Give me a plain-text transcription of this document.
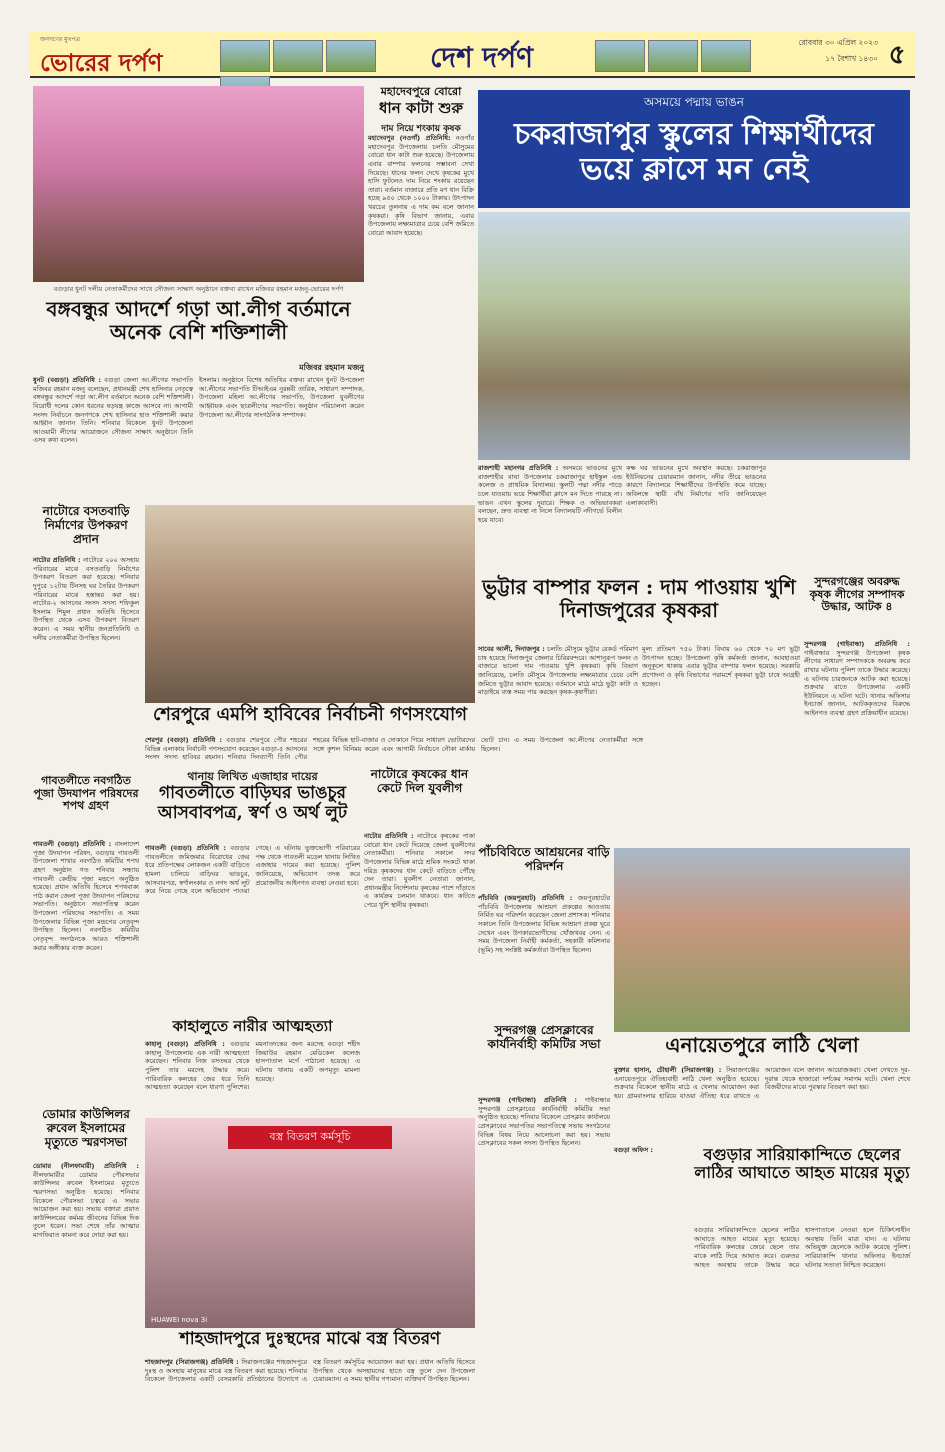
জনগণের মুখপত্র
ভোরের দর্পণ	দেশ দর্পণ	রোববার ৩০ এপ্রিল ২০২৩
১৭ বৈশাখ ১৪৩০ ৫
বগুড়ার ধুনট দলীয় নেতাকর্মীদের সাথে সৌজন্য সাক্ষাৎ অনুষ্ঠানে বক্তব্য রাখেন মজিবর রহমান মজনু-ভোরের দর্পণ
বঙ্গবন্ধুর আদর্শে গড়া আ.লীগ বর্তমানে অনেক বেশি শক্তিশালী
মজিবর রহমান মজনু

ধুনট (বগুড়া) প্রতিনিধি : বগুড়া জেলা আ.লীগের সভাপতি মজিবর রহমান মজনু বলেছেন, প্রধানমন্ত্রী শেখ হাসিনার নেতৃত্বে বঙ্গবন্ধুর আদর্শে গড়া আ.লীগ বর্তমানে অনেক বেশি শক্তিশালী। বিরোধী দলের কোন ধরনের ষড়যন্ত্র কাজে আসবে না। আগামী সংসদ নির্বাচনে জনগণকে শেখ হাসিনার হাত শক্তিশালী করার আহ্বান জানান তিনি। শনিবার বিকেলে ধুনট উপজেলা আওয়ামী লীগের আয়োজনে সৌজন্য সাক্ষাৎ অনুষ্ঠানে তিনি এসব কথা বলেন।

ইসলাম। অনুষ্ঠানে বিশেষ অতিথির বক্তব্য রাখেন ধুনট উপজেলা আ.লীগের সভাপতি টিআইএম নুরন্নবী তারিক, সাধারণ সম্পাদক, উপজেলা মহিলা আ.লীগের সভাপতি, উপজেলা যুবলীগের আহ্বায়ক এবং ছাত্রলীগের সভাপতি। অনুষ্ঠান পরিচালনা করেন উপজেলা আ.লীগের সাংগঠনিক সম্পাদক।

মহাদেবপুরে বোরো
ধান কাটা শুরু
দাম নিয়ে শংকায় কৃষক

মহাদেবপুর (নওগাঁ) প্রতিনিধি: নওগাঁর মহাদেবপুর উপজেলায় চলতি মৌসুমের বোরো ধান কাটা শুরু হয়েছে। উপজেলায় এবার বাম্পার ফলনের সম্ভাবনা দেখা দিয়েছে। ধানের ফলন দেখে কৃষকের মুখে হাসি ফুটলেও দাম নিয়ে শংকায় রয়েছেন তারা। বর্তমান বাজারে প্রতি মণ ধান বিক্রি হচ্ছে ৯৫০ থেকে ১০০০ টাকায়। উৎপাদন খরচের তুলনায় এ দাম কম বলে জানান কৃষকরা। কৃষি বিভাগ জানায়, এবার উপজেলায় লক্ষ্যমাত্রার চেয়ে বেশি জমিতে বোরো আবাদ হয়েছে।

অসময়ে পদ্মায় ভাঙন
চকরাজাপুর স্কুলের শিক্ষার্থীদের ভয়ে ক্লাসে মন নেই

রাজশাহী মহানগর প্রতিনিধি : অসময়ে ভাঙনের মুখে রাজশাহীর বাঘা উপজেলার চকরাজাপুর হাইস্কুল এন্ড কলেজ ও প্রাথমিক বিদ্যালয়। স্কুলটি পদ্মা নদীর পাড়ে চলে যাওয়ায় ভয়ে শিক্ষার্থীরা ক্লাসে মন দিতে পারছে না। ভাঙন এখন স্কুলের দুয়ারে। শিক্ষক ও অভিভাবকরা বলছেন, দ্রুত ব্যবস্থা না নিলে বিদ্যালয়টি নদীগর্ভে বিলীন হয়ে যাবে।

কক্ষ ঘর ভাঙনের মুখে অবস্থান করছে। চকরাজাপুর ইউনিয়নের চেয়ারম্যান জানান, নদীর তীরে ভাঙনের কারণে বিদ্যালয়ে শিক্ষার্থীদের উপস্থিতি কমে যাচ্ছে। অবিলম্বে স্থায়ী বাঁধ নির্মাণের দাবি জানিয়েছেন এলাকাবাসী।

নাটোরে বসতবাড়ি নির্মাণের উপকরণ প্রদান

নাটোর প্রতিনিধি : নাটোরে ২০০ অসহায় পরিবারের মাঝে বসতবাড়ি নির্মাণের উপকরণ বিতরণ করা হয়েছে। শনিবার দুপুরে ১২টায় টিনসহ ঘর তৈরির উপকরণ পরিবারের মাঝে হস্তান্তর করা হয়। নাটোর-২ আসনের সংসদ সদস্য শফিকুল ইসলাম শিমুল প্রধান অতিথি হিসেবে উপস্থিত থেকে এসব উপকরণ বিতরণ করেন। এ সময় স্থানীয় জনপ্রতিনিধি ও দলীয় নেতাকর্মীরা উপস্থিত ছিলেন।

গাবতলীতে নবগঠিত পূজা উদযাপন পরিষদের শপথ গ্রহণ

গাবতলী (বগুড়া) প্রতিনিধি : বাংলাদেশ পূজা উদযাপন পরিষদ, বগুড়ার গাবতলী উপজেলা শাখার নবগঠিত কমিটির শপথ গ্রহণ অনুষ্ঠান গত শনিবার সন্ধ্যায় গাবতলী কেন্দ্রীয় পূজা মন্ডপে অনুষ্ঠিত হয়েছে। প্রধান অতিথি হিসেবে শপথবাক্য পাঠ করান জেলা পূজা উদযাপন পরিষদের সভাপতি। অনুষ্ঠানে সভাপতিত্ব করেন উপজেলা পরিষদের সভাপতি। এ সময় উপজেলার বিভিন্ন পূজা মন্ডপের নেতৃবৃন্দ উপস্থিত ছিলেন। নবগঠিত কমিটির নেতৃবৃন্দ সংগঠনকে আরও শক্তিশালী করার অঙ্গীকার ব্যক্ত করেন।

ডোমার কাউন্সিলর রুবেল ইসলামের মৃত্যুতে স্মরণসভা

ডোমার (নীলফামারী) প্রতিনিধি : নীলফামারীর ডোমার পৌরসভার কাউন্সিলর রুবেল ইসলামের মৃত্যুতে স্মরণসভা অনুষ্ঠিত হয়েছে। শনিবার বিকেলে পৌরসভা চত্বরে এ সভার আয়োজন করা হয়। সভায় বক্তারা প্রয়াত কাউন্সিলরের কর্মময় জীবনের বিভিন্ন দিক তুলে ধরেন। সভা শেষে তাঁর আত্মার মাগফিরাত কামনা করে দোয়া করা হয়।

শেরপুরে এমপি হাবিবের নির্বাচনী গণসংযোগ

শেরপুর (বগুড়া) প্রতিনিধি : বগুড়ার শেরপুরে পৌর শহরের বিভিন্ন এলাকায় নির্বাচনী গণসংযোগ করেছেন বগুড়া-৫ আসনের সংসদ সদস্য হাবিবর রহমান। শনিবার দিনব্যাপী তিনি পৌর শহরের বিভিন্ন হাট-বাজার ও দোকানে গিয়ে সাধারণ ভোটারদের সঙ্গে কুশল বিনিময় করেন এবং আগামী নির্বাচনে নৌকা মার্কায় ভোট চান। এ সময় উপজেলা আ.লীগের নেতাকর্মীরা সঙ্গে ছিলেন।

থানায় লিখিত এজাহার দায়ের
গাবতলীতে বাড়িঘর ভাঙচুর আসবাবপত্র, স্বর্ণ ও অর্থ লুট

গাবতলী (বগুড়া) প্রতিনিধি : বগুড়ার গাবতলীতে জমিজমার বিরোধের জের ধরে প্রতিপক্ষের লোকজন একটি বাড়িতে হামলা চালিয়ে বাড়িঘর ভাঙচুর, আসবাবপত্র, স্বর্ণালংকার ও নগদ অর্থ লুট করে নিয়ে গেছে বলে অভিযোগ পাওয়া গেছে। এ ঘটনায় ভুক্তভোগী পরিবারের পক্ষ থেকে গাবতলী মডেল থানায় লিখিত এজাহার দায়ের করা হয়েছে। পুলিশ জানিয়েছে, অভিযোগ তদন্ত করে প্রয়োজনীয় আইনগত ব্যবস্থা নেওয়া হবে।

নাটোরে কৃষকের ধান কেটে দিল যুবলীগ

নাটোর প্রতিনিধি : নাটোরে কৃষকের পাকা বোরো ধান কেটে দিয়েছে জেলা যুবলীগের নেতাকর্মীরা। শনিবার সকালে সদর উপজেলার বিভিন্ন মাঠে শ্রমিক সংকটে থাকা দরিদ্র কৃষকদের ধান কেটে বাড়িতে পৌঁছে দেন তারা। যুবলীগ নেতারা জানান, প্রধানমন্ত্রীর নির্দেশনায় কৃষকের পাশে দাঁড়াতে এ কার্যক্রম চলমান থাকবে। ধান কাটতে পেরে খুশি স্থানীয় কৃষকরা।

কাহালুতে নারীর আত্মহত্যা

কাহালু (বগুড়া) প্রতিনিধি : বগুড়ার কাহালু উপজেলায় এক নারী আত্মহত্যা করেছেন। শনিবার নিজ বসতঘর থেকে পুলিশ তার মরদেহ উদ্ধার করে। পারিবারিক কলহের জের ধরে তিনি আত্মহত্যা করেছেন বলে ধারণা পুলিশের। ময়নাতদন্তের জন্য মরদেহ বগুড়া শহীদ জিয়াউর রহমান মেডিকেল কলেজ হাসপাতাল মর্গে পাঠানো হয়েছে। এ ঘটনায় থানায় একটি অপমৃত্যু মামলা হয়েছে।

বস্ত্র বিতরণ কর্মসূচি
HUAWEI nova 3i
শাহজাদপুরে দুঃস্থদের মাঝে বস্ত্র বিতরণ

শাহজাদপুর (সিরাজগঞ্জ) প্রতিনিধি : সিরাজগঞ্জের শাহজাদপুরে দুঃস্থ ও অসহায় মানুষের মাঝে বস্ত্র বিতরণ করা হয়েছে। শনিবার বিকেলে উপজেলার একটি বেসরকারি প্রতিষ্ঠানের উদ্যোগে এ বস্ত্র বিতরণ কর্মসূচির আয়োজন করা হয়। প্রধান অতিথি হিসেবে উপস্থিত থেকে অসহায়দের হাতে বস্ত্র তুলে দেন উপজেলা চেয়ারম্যান। এ সময় স্থানীয় গণ্যমান্য ব্যক্তিবর্গ উপস্থিত ছিলেন।

ভুট্টার বাম্পার ফলন : দাম পাওয়ায় খুশি দিনাজপুরের কৃষকরা

সাবের আলী, দিনাজপুর : চলতি মৌসুমে ভুট্টার রেকর্ড পরিমাণ চাষ হয়েছে দিনাজপুর জেলার চিরিরবন্দরে। আশানুরূপ ফলন ও বাজারে ভালো দাম পাওয়ায় খুশি কৃষকরা। কৃষি বিভাগ জানিয়েছে, চলতি মৌসুমে উপজেলায় লক্ষ্যমাত্রার চেয়ে বেশি জমিতে ভুট্টার আবাদ হয়েছে। বর্তমানে মাঠে মাঠে ভুট্টা কাটা ও মাড়াইয়ে ব্যস্ত সময় পার করছেন কৃষক-কৃষাণীরা।

মূল্য প্রতিমণ ৭৫০ টাকা। বিঘায় ৬০ থেকে ৭০ মণ ভুট্টা উৎপাদন হচ্ছে। উপজেলা কৃষি কর্মকর্তা জানান, আবহাওয়া অনুকূলে থাকায় এবার ভুট্টার বাম্পার ফলন হয়েছে। সরকারি প্রণোদনা ও কৃষি বিভাগের পরামর্শে কৃষকরা ভুট্টা চাষে আগ্রহী হচ্ছেন।

সুন্দরগঞ্জের অবরুদ্ধ কৃষক লীগের সম্পাদক উদ্ধার, আটক ৪

সুন্দরগঞ্জ (গাইবান্ধা) প্রতিনিধি : গাইবান্ধার সুন্দরগঞ্জ উপজেলা কৃষক লীগের সাধারণ সম্পাদককে অবরুদ্ধ করে রাখার ঘটনায় পুলিশ তাকে উদ্ধার করেছে। এ ঘটনায় চারজনকে আটক করা হয়েছে। শুক্রবার রাতে উপজেলার একটি ইউনিয়নে এ ঘটনা ঘটে। থানার অফিসার ইনচার্জ জানান, আটককৃতদের বিরুদ্ধে আইনগত ব্যবস্থা গ্রহণ প্রক্রিয়াধীন রয়েছে।

পাঁচবিবিতে আশ্রয়নের বাড়ি পরিদর্শন

পাঁচবিবি (জয়পুরহাট) প্রতিনিধি : জয়পুরহাটের পাঁচবিবি উপজেলায় আশ্রয়ণ প্রকল্পের আওতায় নির্মিত ঘর পরিদর্শন করেছেন জেলা প্রশাসক। শনিবার সকালে তিনি উপজেলার বিভিন্ন আশ্রয়ণ প্রকল্প ঘুরে দেখেন এবং উপকারভোগীদের খোঁজখবর নেন। এ সময় উপজেলা নির্বাহী কর্মকর্তা, সহকারী কমিশনার (ভূমি) সহ সংশ্লিষ্ট কর্মকর্তারা উপস্থিত ছিলেন।

সুন্দরগঞ্জ প্রেসক্লাবের কার্যনির্বাহী কমিটির সভা

সুন্দরগঞ্জ (গাইবান্ধা) প্রতিনিধি : গাইবান্ধার সুন্দরগঞ্জ প্রেসক্লাবের কার্যনির্বাহী কমিটির সভা অনুষ্ঠিত হয়েছে। শনিবার বিকেলে প্রেসক্লাব কার্যালয়ে প্রেসক্লাবের সভাপতির সভাপতিত্বে সভায় সংগঠনের বিভিন্ন বিষয় নিয়ে আলোচনা করা হয়। সভায় প্রেসক্লাবের সকল সদস্য উপস্থিত ছিলেন।

এনায়েতপুরে লাঠি খেলা

মুক্তার হাসান, চৌহালী (সিরাজগঞ্জ) : সিরাজগঞ্জের এনায়েতপুরে ঐতিহ্যবাহী লাঠি খেলা অনুষ্ঠিত হয়েছে। শুক্রবার বিকেলে স্থানীয় মাঠে এ খেলার আয়োজন করা হয়। গ্রামবাংলার হারিয়ে যাওয়া ঐতিহ্য ধরে রাখতে এ আয়োজন বলে জানান আয়োজকরা। খেলা দেখতে দূর-দূরান্ত থেকে হাজারো দর্শকের সমাগম ঘটে। খেলা শেষে বিজয়ীদের মাঝে পুরস্কার বিতরণ করা হয়।

বগুড়া অফিস :	বগুড়ার সারিয়াকান্দিতে ছেলের লাঠির আঘাতে আহত মায়ের মৃত্যু

বগুড়ার সারিয়াকান্দিতে ছেলের লাঠির আঘাতে আহত মায়ের মৃত্যু হয়েছে। পারিবারিক কলহের জেরে ছেলে তার মাকে লাঠি দিয়ে আঘাত করে। গুরুতর আহত অবস্থায় তাকে উদ্ধার করে হাসপাতালে নেওয়া হলে চিকিৎসাধীন অবস্থায় তিনি মারা যান। এ ঘটনায় অভিযুক্ত ছেলেকে আটক করেছে পুলিশ। সারিয়াকান্দি থানার অফিসার ইনচার্জ ঘটনার সত্যতা নিশ্চিত করেছেন।
